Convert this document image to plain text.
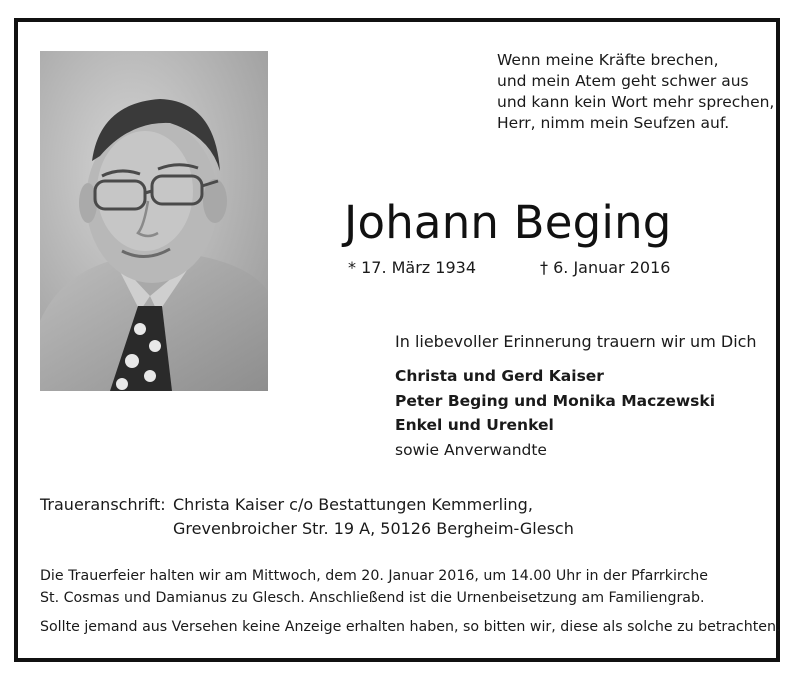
Wenn meine Kräfte brechen,
und mein Atem geht schwer aus
und kann kein Wort mehr sprechen,
Herr, nimm mein Seufzen auf.
Johann Beging
* 17. März 1934	† 6. Januar 2016
In liebevoller Erinnerung trauern wir um Dich
Christa und Gerd Kaiser
Peter Beging und Monika Maczewski
Enkel und Urenkel
sowie Anverwandte
Traueranschrift: Christa Kaiser c/o Bestattungen Kemmerling,
Grevenbroicher Str. 19 A, 50126 Bergheim-Glesch
Die Trauerfeier halten wir am Mittwoch, dem 20. Januar 2016, um 14.00 Uhr in der Pfarrkirche
St. Cosmas und Damianus zu Glesch. Anschließend ist die Urnenbeisetzung am Familiengrab.
Sollte jemand aus Versehen keine Anzeige erhalten haben, so bitten wir, diese als solche zu betrachten.
